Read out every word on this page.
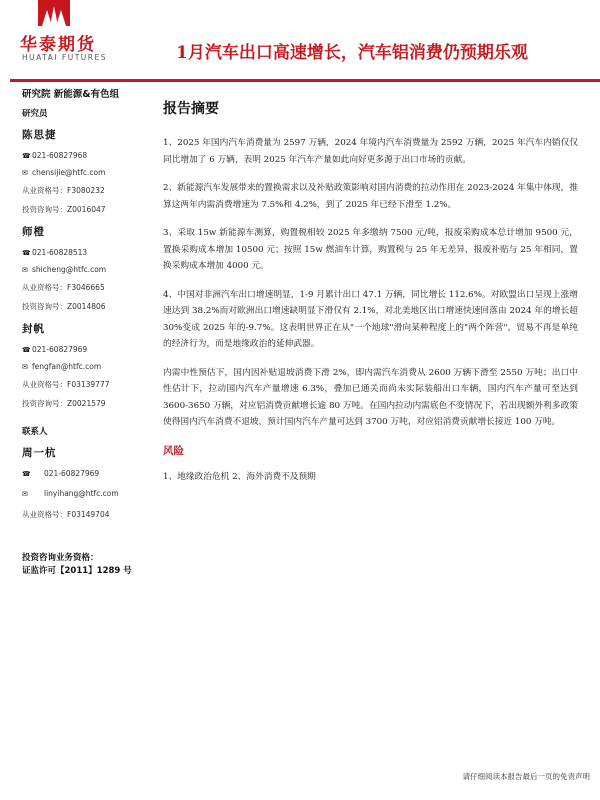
华泰期货
HUATAI FUTURES	1月汽车出口高速增长，汽车铝消费仍预期乐观
研究院 新能源&有色组
研究员
陈思捷
☎021-60827968
✉ chensijie@htfc.com
从业资格号：F3080232
投资咨询号：Z0016047
师橙
☎021-60828513
✉ shicheng@htfc.com
从业资格号：F3046665
投资咨询号：Z0014806
封帆
☎021-60827969
✉ fengfan@htfc.com
从业资格号：F03139777
投资咨询号：Z0021579
联系人
周一杭
☎ 021-60827969
✉ linyihang@htfc.com
从业资格号：F03149704
投资咨询业务资格：
证监许可【2011】1289 号
报告摘要

1、2025 年国内汽车消费量为 2597 万辆，2024 年境内汽车消费量为 2592 万辆，2025 年汽车内销仅仅同比增加了 6 万辆，表明 2025 年汽车产量如此向好更多源于出口市场的贡献。

2、新能源汽车发展带来的置换需求以及补贴政策影响对国内消费的拉动作用在 2023-2024 年集中体现，推算这两年内需消费增速为 7.5%和 4.2%，到了 2025 年已经下滑至 1.2%。

3、采取 15w 新能源车测算，购置税相较 2025 年多缴纳 7500 元/吨，报废采购成本总计增加 9500 元，置换采购成本增加 10500 元；按照 15w 燃油车计算，购置税与 25 年无差异，报废补贴与 25 年相同，置换采购成本增加 4000 元。

4、中国对非洲汽车出口增速明显，1-9 月累计出口 47.1 万辆，同比增长 112.6%。对欧盟出口呈现上涨增速达到 38.2%而对欧洲出口增速缺明显下滑仅有 2.1%，对北美地区出口增速快速回落由 2024 年的增长超 30%变成 2025 年的-9.7%。这表明世界正在从"一个地球"滑向某种程度上的"两个阵营"，贸易不再是单纯的经济行为，而是地缘政治的延伸武器。

内需中性预估下，国内因补贴退坡消费下滑 2%，即内需汽车消费从 2600 万辆下滑至 2550 万吨；出口中性估计下，拉动国内汽车产量增速 6.3%，叠加已通关而尚未实际装船出口车辆，国内汽车产量可至达到 3600-3650 万辆，对应铝消费贡献增长逾 80 万吨。在国内拉动内需底色不变情况下，若出现额外利多政策使得国内汽车消费不退坡，预计国内汽车产量可达到 3700 万吨，对应铝消费贡献增长接近 100 万吨。

风险
1、地缘政治危机 2、海外消费不及预期
请仔细阅读本报告最后一页的免责声明
